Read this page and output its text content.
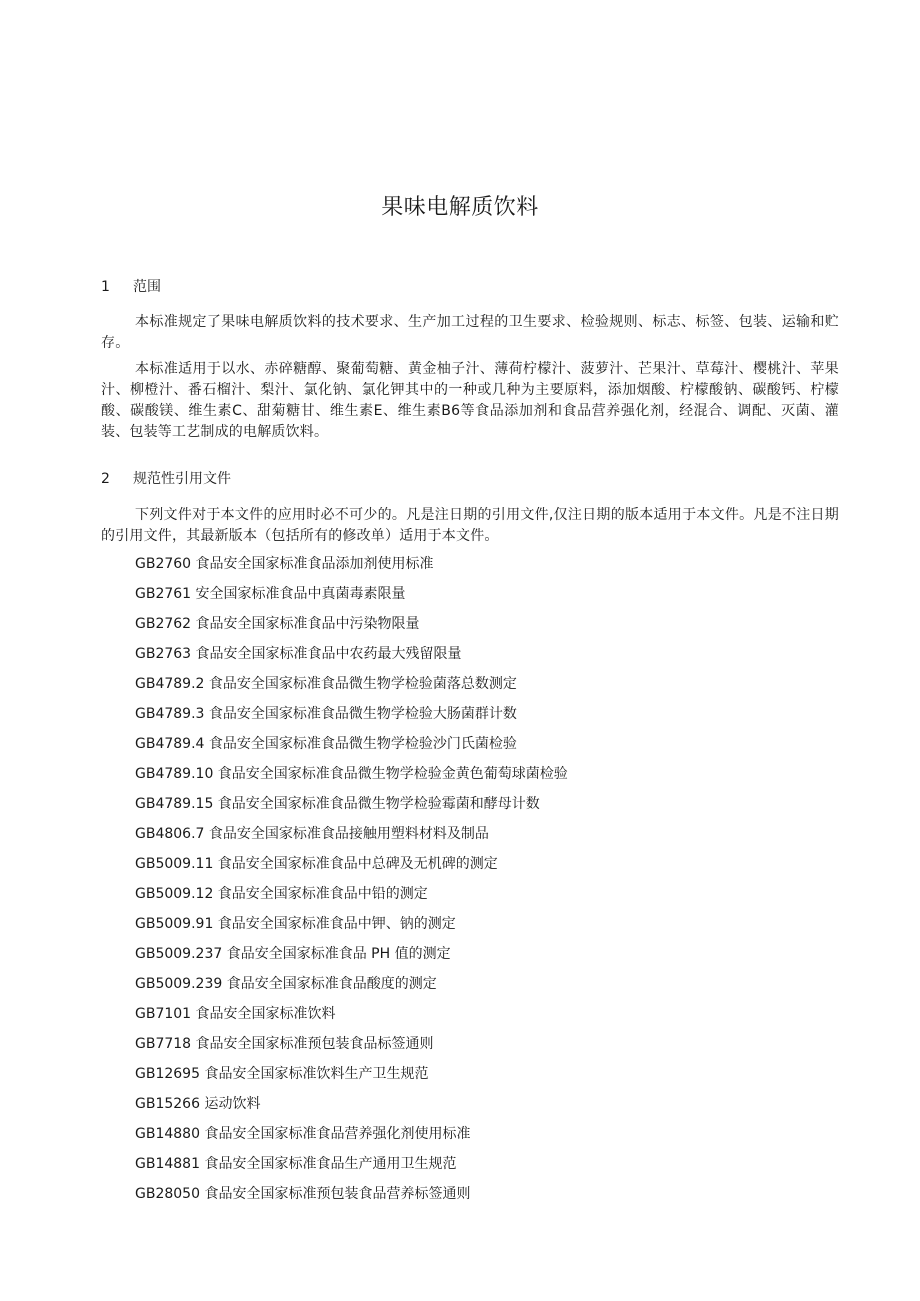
果味电解质饮料
1 范围

本标准规定了果味电解质饮料的技术要求、生产加工过程的卫生要求、检验规则、标志、标签、包装、运输和贮存。

本标准适用于以水、赤碎糖醇、聚葡萄糖、黄金柚子汁、薄荷柠檬汁、菠萝汁、芒果汁、草莓汁、樱桃汁、苹果汁、柳橙汁、番石榴汁、梨汁、氯化钠、氯化钾其中的一种或几种为主要原料，添加烟酸、柠檬酸钠、碳酸钙、柠檬酸、碳酸镁、维生素C、甜菊糖甘、维生素E、维生素B6等食品添加剂和食品营养强化剂，经混合、调配、灭菌、灌装、包装等工艺制成的电解质饮料。

2 规范性引用文件

下列文件对于本文件的应用时必不可少的。凡是注日期的引用文件,仅注日期的版本适用于本文件。凡是不注日期的引用文件，其最新版本（包括所有的修改单）适用于本文件。

GB2760 食品安全国家标准食品添加剂使用标准
GB2761 安全国家标准食品中真菌毒素限量
GB2762 食品安全国家标准食品中污染物限量
GB2763 食品安全国家标准食品中农药最大残留限量
GB4789.2 食品安全国家标准食品微生物学检验菌落总数测定
GB4789.3 食品安全国家标准食品微生物学检验大肠菌群计数
GB4789.4 食品安全国家标准食品微生物学检验沙门氏菌检验
GB4789.10 食品安全国家标准食品微生物学检验金黄色葡萄球菌检验
GB4789.15 食品安全国家标准食品微生物学检验霉菌和酵母计数
GB4806.7 食品安全国家标准食品接触用塑料材料及制品
GB5009.11 食品安全国家标准食品中总碑及无机碑的测定
GB5009.12 食品安全国家标准食品中铅的测定
GB5009.91 食品安全国家标准食品中钾、钠的测定
GB5009.237 食品安全国家标准食品 PH 值的测定
GB5009.239 食品安全国家标准食品酸度的测定
GB7101 食品安全国家标准饮料
GB7718 食品安全国家标准预包装食品标签通则
GB12695 食品安全国家标准饮料生产卫生规范
GB15266 运动饮料
GB14880 食品安全国家标准食品营养强化剂使用标准
GB14881 食品安全国家标准食品生产通用卫生规范
GB28050 食品安全国家标准预包装食品营养标签通则
